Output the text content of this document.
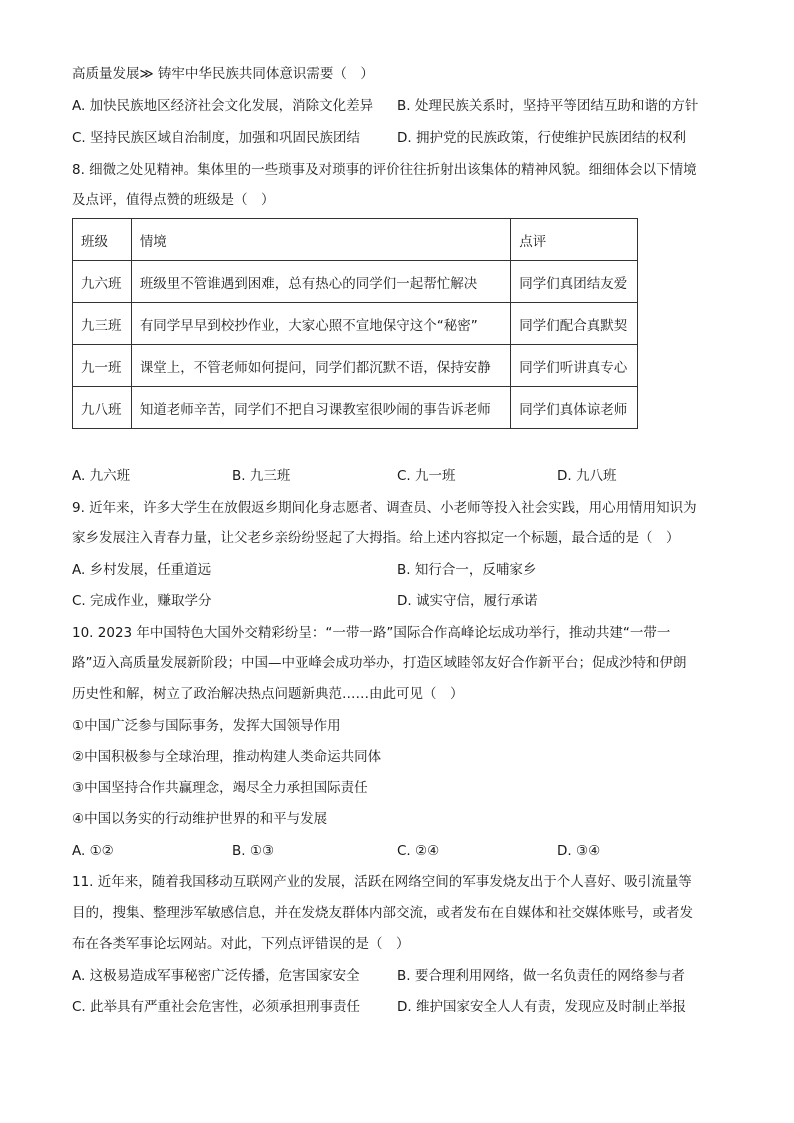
高质量发展≫ 铸牢中华民族共同体意识需要（　）
A. 加快民族地区经济社会文化发展，消除文化差异 B. 处理民族关系时，坚持平等团结互助和谐的方针
C. 坚持民族区域自治制度，加强和巩固民族团结	D. 拥护党的民族政策，行使维护民族团结的权利
8. 细微之处见精神。集体里的一些琐事及对琐事的评价往往折射出该集体的精神风貌。细细体会以下情境
及点评，值得点赞的班级是（　）
班级	情境	点评
九六班	班级里不管谁遇到困难，总有热心的同学们一起帮忙解决	同学们真团结友爱
九三班	有同学早早到校抄作业，大家心照不宣地保守这个“秘密”	同学们配合真默契
九一班	课堂上，不管老师如何提问，同学们都沉默不语，保持安静	同学们听讲真专心
九八班	知道老师辛苦，同学们不把自习课教室很吵闹的事告诉老师	同学们真体谅老师
A. 九六班	B. 九三班	C. 九一班	D. 九八班
9. 近年来，许多大学生在放假返乡期间化身志愿者、调查员、小老师等投入社会实践，用心用情用知识为
家乡发展注入青春力量，让父老乡亲纷纷竖起了大拇指。给上述内容拟定一个标题，最合适的是（　）
A. 乡村发展，任重道远	B. 知行合一，反哺家乡
C. 完成作业，赚取学分	D. 诚实守信，履行承诺
10. 2023 年中国特色大国外交精彩纷呈：“一带一路”国际合作高峰论坛成功举行，推动共建“一带一
路”迈入高质量发展新阶段；中国—中亚峰会成功举办，打造区域睦邻友好合作新平台；促成沙特和伊朗
历史性和解，树立了政治解决热点问题新典范……由此可见（　）
①中国广泛参与国际事务，发挥大国领导作用
②中国积极参与全球治理，推动构建人类命运共同体
③中国坚持合作共赢理念，竭尽全力承担国际责任
④中国以务实的行动维护世界的和平与发展
A. ①②	B. ①③	C. ②④	D. ③④
11. 近年来，随着我国移动互联网产业的发展，活跃在网络空间的军事发烧友出于个人喜好、吸引流量等
目的，搜集、整理涉军敏感信息，并在发烧友群体内部交流，或者发布在自媒体和社交媒体账号，或者发
布在各类军事论坛网站。对此，下列点评错误的是（　）
A. 这极易造成军事秘密广泛传播，危害国家安全	B. 要合理利用网络，做一名负责任的网络参与者
C. 此举具有严重社会危害性，必须承担刑事责任	D. 维护国家安全人人有责，发现应及时制止举报
